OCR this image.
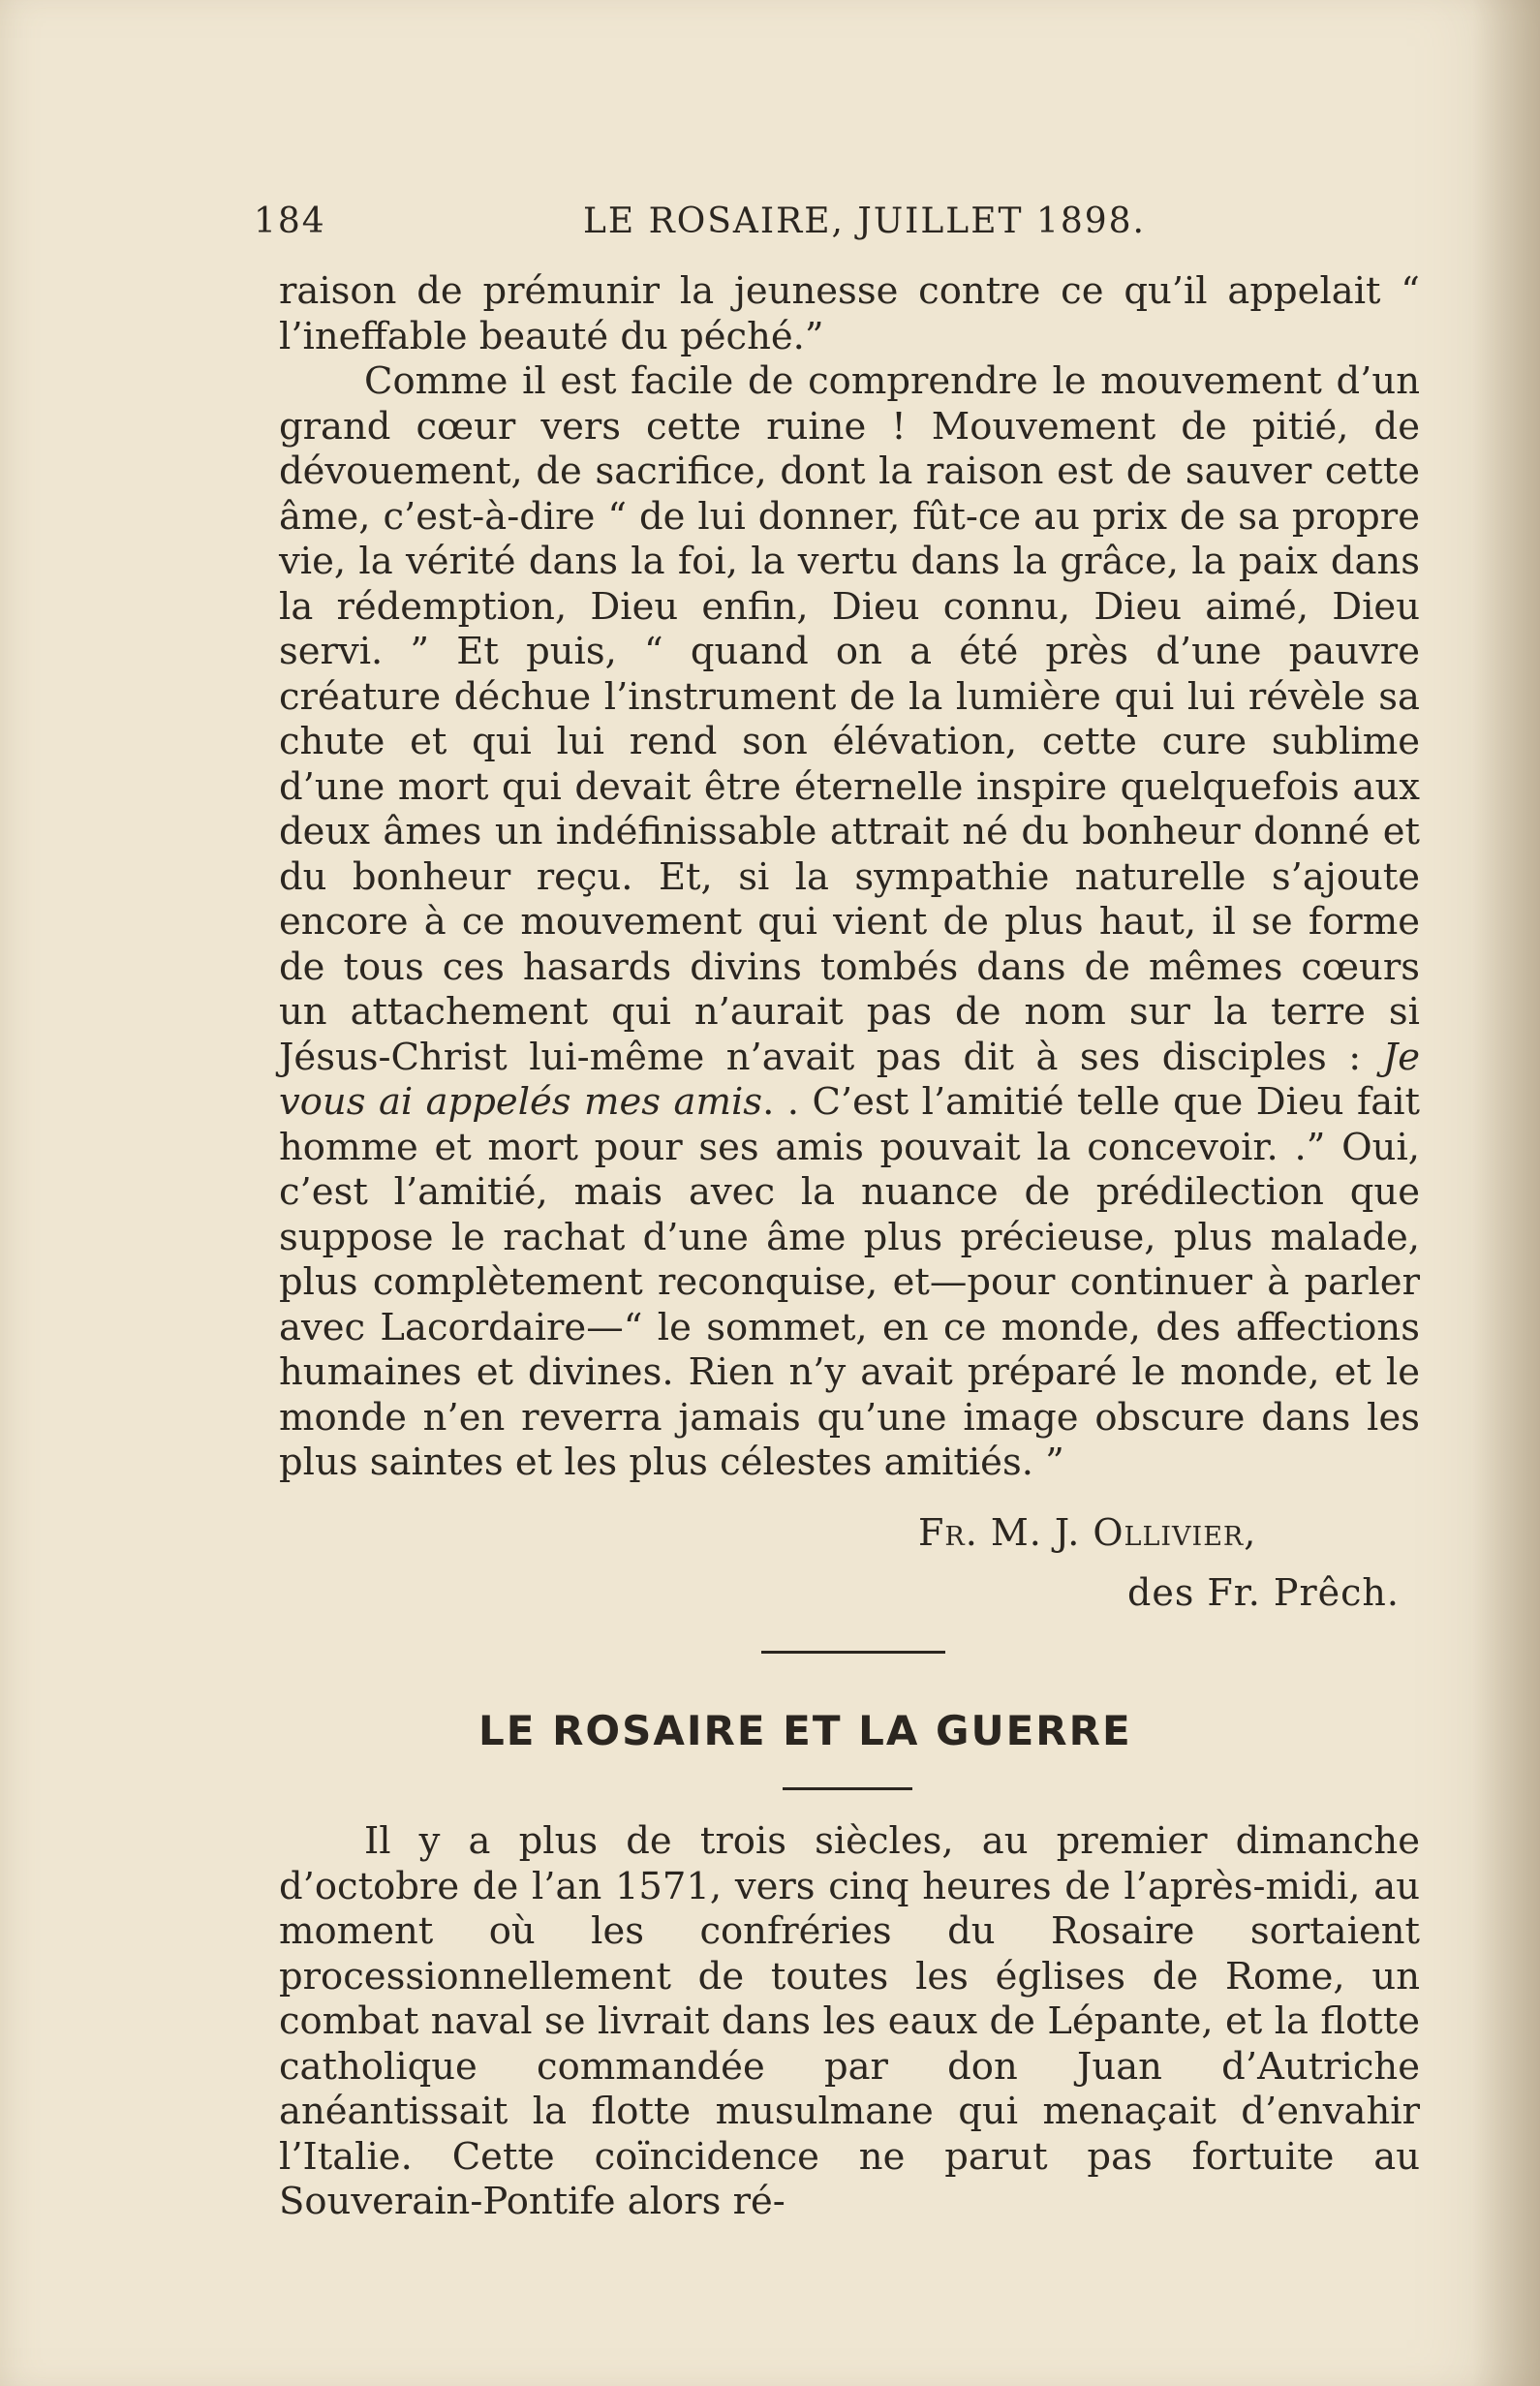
184	LE ROSAIRE, JUILLET 1898.

raison de prémunir la jeunesse contre ce qu’il appelait “ l’ineffable beauté du péché.”

Comme il est facile de comprendre le mouvement d’un grand cœur vers cette ruine ! Mouvement de pitié, de dévouement, de sacrifice, dont la raison est de sauver cette âme, c’est-à-dire “ de lui donner, fût-ce au prix de sa propre vie, la vérité dans la foi, la vertu dans la grâce, la paix dans la rédemption, Dieu enfin, Dieu connu, Dieu aimé, Dieu servi. ” Et puis, “ quand on a été près d’une pauvre créature déchue l’instrument de la lumière qui lui révèle sa chute et qui lui rend son élévation, cette cure sublime d’une mort qui devait être éternelle inspire quelquefois aux deux âmes un indéfinissable attrait né du bonheur donné et du bonheur reçu. Et, si la sympathie naturelle s’ajoute encore à ce mouvement qui vient de plus haut, il se forme de tous ces hasards divins tombés dans de mêmes cœurs un attachement qui n’aurait pas de nom sur la terre si Jésus-Christ lui-même n’avait pas dit à ses disciples : Je vous ai appelés mes amis. . C’est l’amitié telle que Dieu fait homme et mort pour ses amis pouvait la concevoir. .” Oui, c’est l’amitié, mais avec la nuance de prédilection que suppose le rachat d’une âme plus précieuse, plus malade, plus complètement reconquise, et—pour continuer à parler avec Lacordaire—“ le sommet, en ce monde, des affections humaines et divines. Rien n’y avait préparé le monde, et le monde n’en reverra jamais qu’une image obscure dans les plus saintes et les plus célestes amitiés. ”

Fr. M. J. Ollivier,
des Fr. Prêch.
LE ROSAIRE ET LA GUERRE

Il y a plus de trois siècles, au premier dimanche d’octobre de l’an 1571, vers cinq heures de l’après-midi, au moment où les confréries du Rosaire sortaient processionnellement de toutes les églises de Rome, un combat naval se livrait dans les eaux de Lépante, et la flotte catholique commandée par don Juan d’Autriche anéantissait la flotte musulmane qui menaçait d’envahir l’Italie. Cette coïncidence ne parut pas fortuite au Souverain-Pontife alors ré-
